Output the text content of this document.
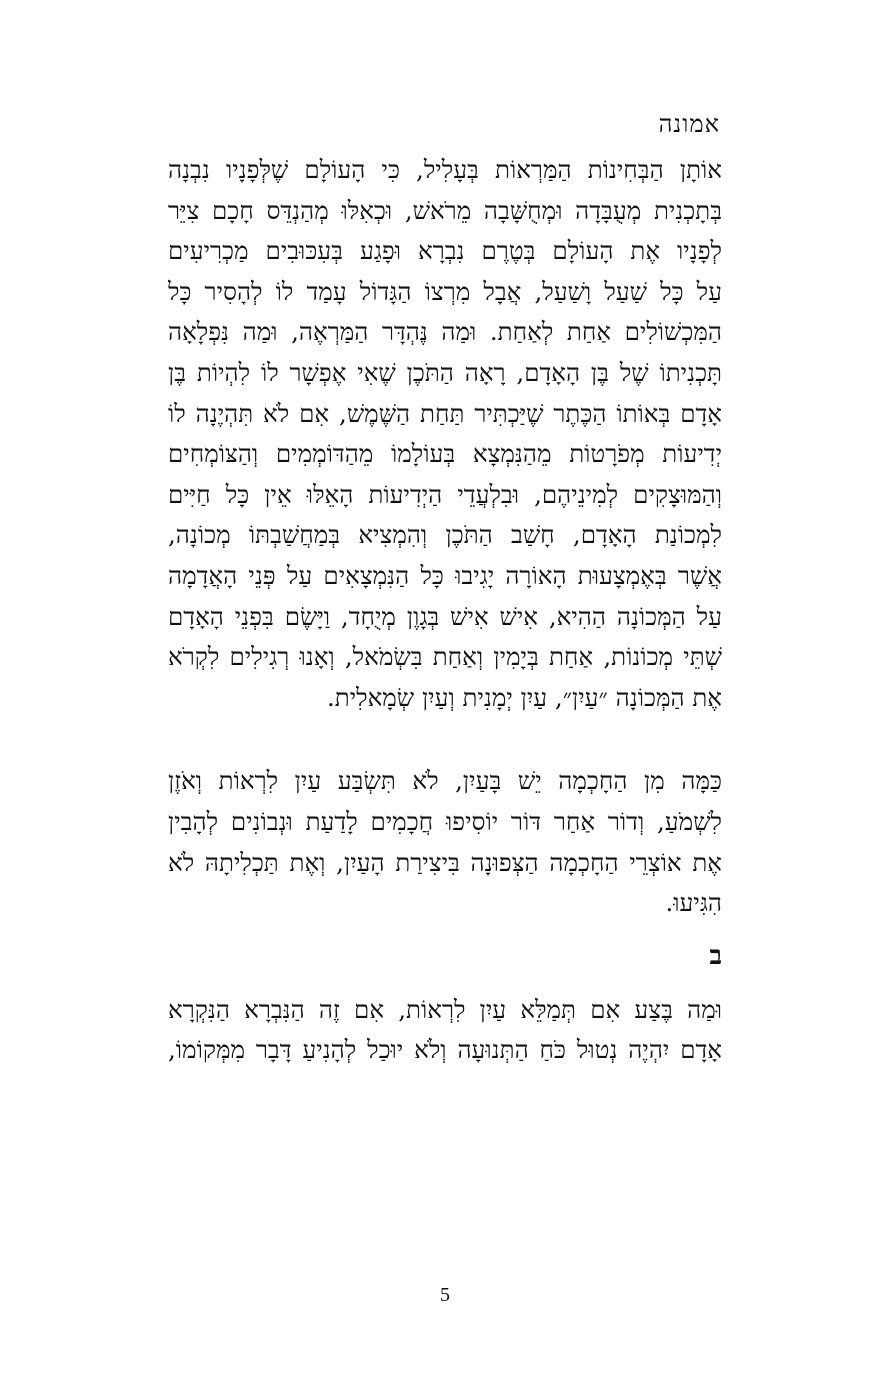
אמונה
אוֹתָן הַבְּחִינוֹת הַמַּרְאוֹת בְּעָלִיל, כִּי הָעוֹלָם שֶׁלְּפָנָיו נִבְנָה
בְּתָכְנִית מְעֻבָּדָה וּמְחֻשָּׁבָה מֵרֹאשׁ, וּכְאִלּוּ מְהַנְדֵּס חָכָם צִיֵּר
לְפָנָיו אֶת הָעוֹלָם בְּטֶרֶם נִבְרָא וּפָגַע בְּעִכּוּבִים מַכְרִיעִים
עַל כָּל שַׁעַל וָשַׁעַל, אֲבָל מִרְצוֹ הַגָּדוֹל עָמַד לוֹ לְהָסִיר כָּל
הַמִּכְשׁוֹלִים אַחַת לְאַחַת. וּמַה נֶּהְדָּר הַמַּרְאֶה, וּמַה נִּפְלָאָה
תָּכְנִיתוֹ שֶׁל בֶּן הָאָדָם, רָאָה הַתֹּכֶן שֶׁאִי אֶפְשָׁר לוֹ לִהְיוֹת בֶּן
אָדָם בְּאוֹתוֹ הַכֶּתֶר שֶׁיַּכְתִּיר תַּחַת הַשֶּׁמֶשׁ, אִם לֹא תִּהְיֶנָה לוֹ
יְדִיעוֹת מְפֹרָטוֹת מֵהַנִּמְצָא בְּעוֹלָמוֹ מֵהַדּוֹמְמִים וְהַצּוֹמְחִים
וְהַמּוּצָקִים לְמִינֵיהֶם, וּבִלְעֲדֵי הַיְדִיעוֹת הָאֵלּוּ אֵין כָּל חַיִּים
לִמְכוֹנַת הָאָדָם, חָשַׁב הַתֹּכֶן וְהִמְצִיא בְּמַחֲשַׁבְתּוֹ מְכוֹנָה,
אֲשֶׁר בְּאֶמְצָעוּת הָאוֹרָה יָגִיבוּ כָּל הַנִּמְצָאִים עַל פְּנֵי הָאֲדָמָה
עַל הַמְּכוֹנָה הַהִיא, אִישׁ אִישׁ בְּגָוֶן מְיֻחָד, וַיָּשֶׂם בִּפְנֵי הָאָדָם
שְׁתֵּי מְכוֹנוֹת, אַחַת בְּיָמִין וְאַחַת בִּשְׂמֹאל, וְאָנוּ רְגִילִים לִקְרֹא
אֶת הַמְּכוֹנָה ״עַיִן״, עַיִן יְמָנִית וְעַיִן שְׂמָאלִית.
כַּמָּה מִן הַחָכְמָה יֵשׁ בָּעַיִן, לֹא תִּשְׂבַּע עַיִן לִרְאוֹת וְאֹזֶן
לִשְׁמֹעַ, וְדוֹר אַחַר דּוֹר יוֹסִיפוּ חֲכָמִים לָדַעַת וּנְבוֹנִים לְהָבִין
אֶת אוֹצְרֵי הַחָכְמָה הַצְּפוּנָה בִּיצִירַת הָעַיִן, וְאֶת תַּכְלִיתָהּ לֹא
הִגִּיעוּ.
ב
וּמַה בֶּצַע אִם תְּמַלֵּא עַיִן לִרְאוֹת, אִם זֶה הַנִּבְרָא הַנִּקְרָא
אָדָם יִהְיֶה נְטוּל כֹּחַ הַתְּנוּעָה וְלֹא יוּכַל לְהָנִיעַ דָּבָר מִמְּקוֹמוֹ,
5
